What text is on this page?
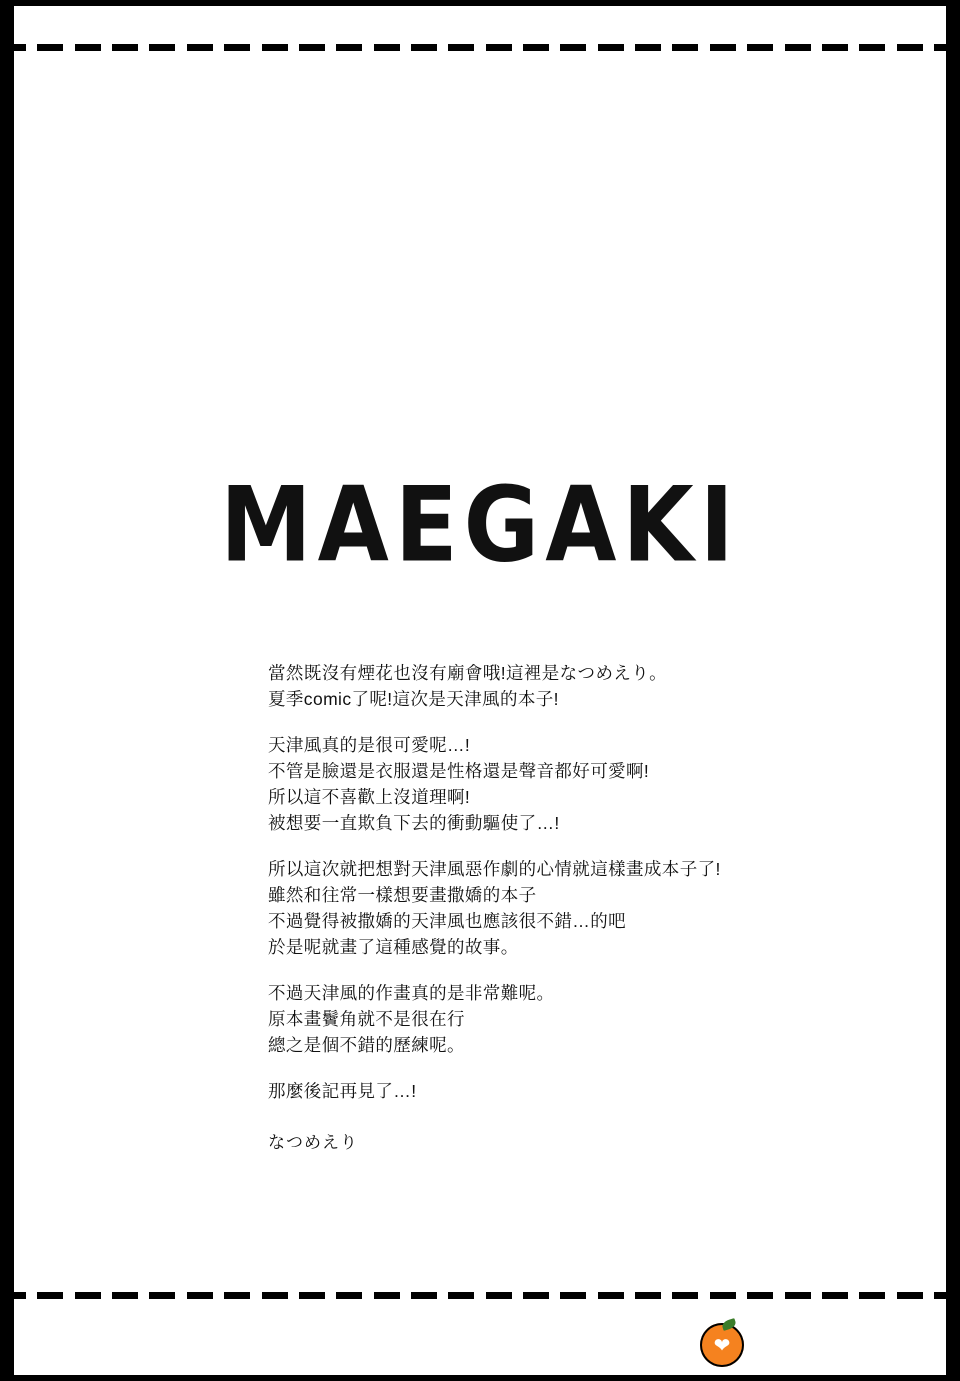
MAEGAKI

當然既沒有煙花也沒有廟會哦!這裡是なつめえり。
夏季comic了呢!這次是天津風的本子!

天津風真的是很可愛呢…!
不管是臉還是衣服還是性格還是聲音都好可愛啊!
所以這不喜歡上沒道理啊!
被想要一直欺負下去的衝動驅使了…!

所以這次就把想對天津風惡作劇的心情就這樣畫成本子了!
雖然和往常一樣想要畫撒嬌的本子
不過覺得被撒嬌的天津風也應該很不錯…的吧
於是呢就畫了這種感覺的故事。

不過天津風的作畫真的是非常難呢。
原本畫鬢角就不是很在行
總之是個不錯的歷練呢。

那麼後記再見了…!

なつめえり
❤ 禁漫天堂
18comic.org
